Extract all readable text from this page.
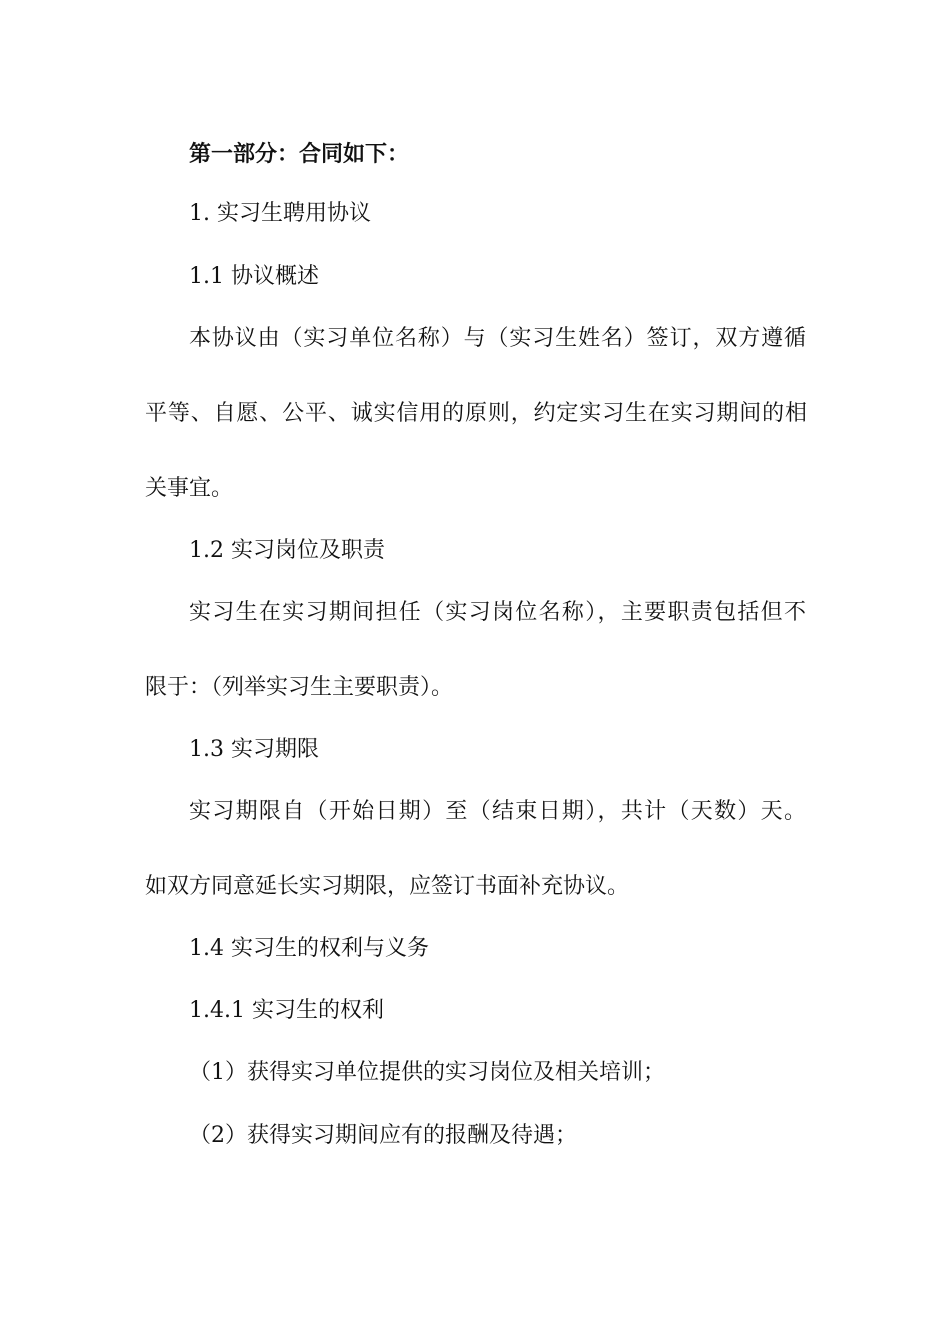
第一部分：合同如下：
1. 实习生聘用协议
1.1 协议概述
本协议由（实习单位名称）与（实习生姓名）签订，双方遵循
平等、自愿、公平、诚实信用的原则，约定实习生在实习期间的相
关事宜。
1.2 实习岗位及职责
实习生在实习期间担任（实习岗位名称），主要职责包括但不
限于：（列举实习生主要职责）。
1.3 实习期限
实习期限自（开始日期）至（结束日期），共计（天数）天。
如双方同意延长实习期限，应签订书面补充协议。
1.4 实习生的权利与义务
1.4.1 实习生的权利
（1）获得实习单位提供的实习岗位及相关培训；
（2）获得实习期间应有的报酬及待遇；
